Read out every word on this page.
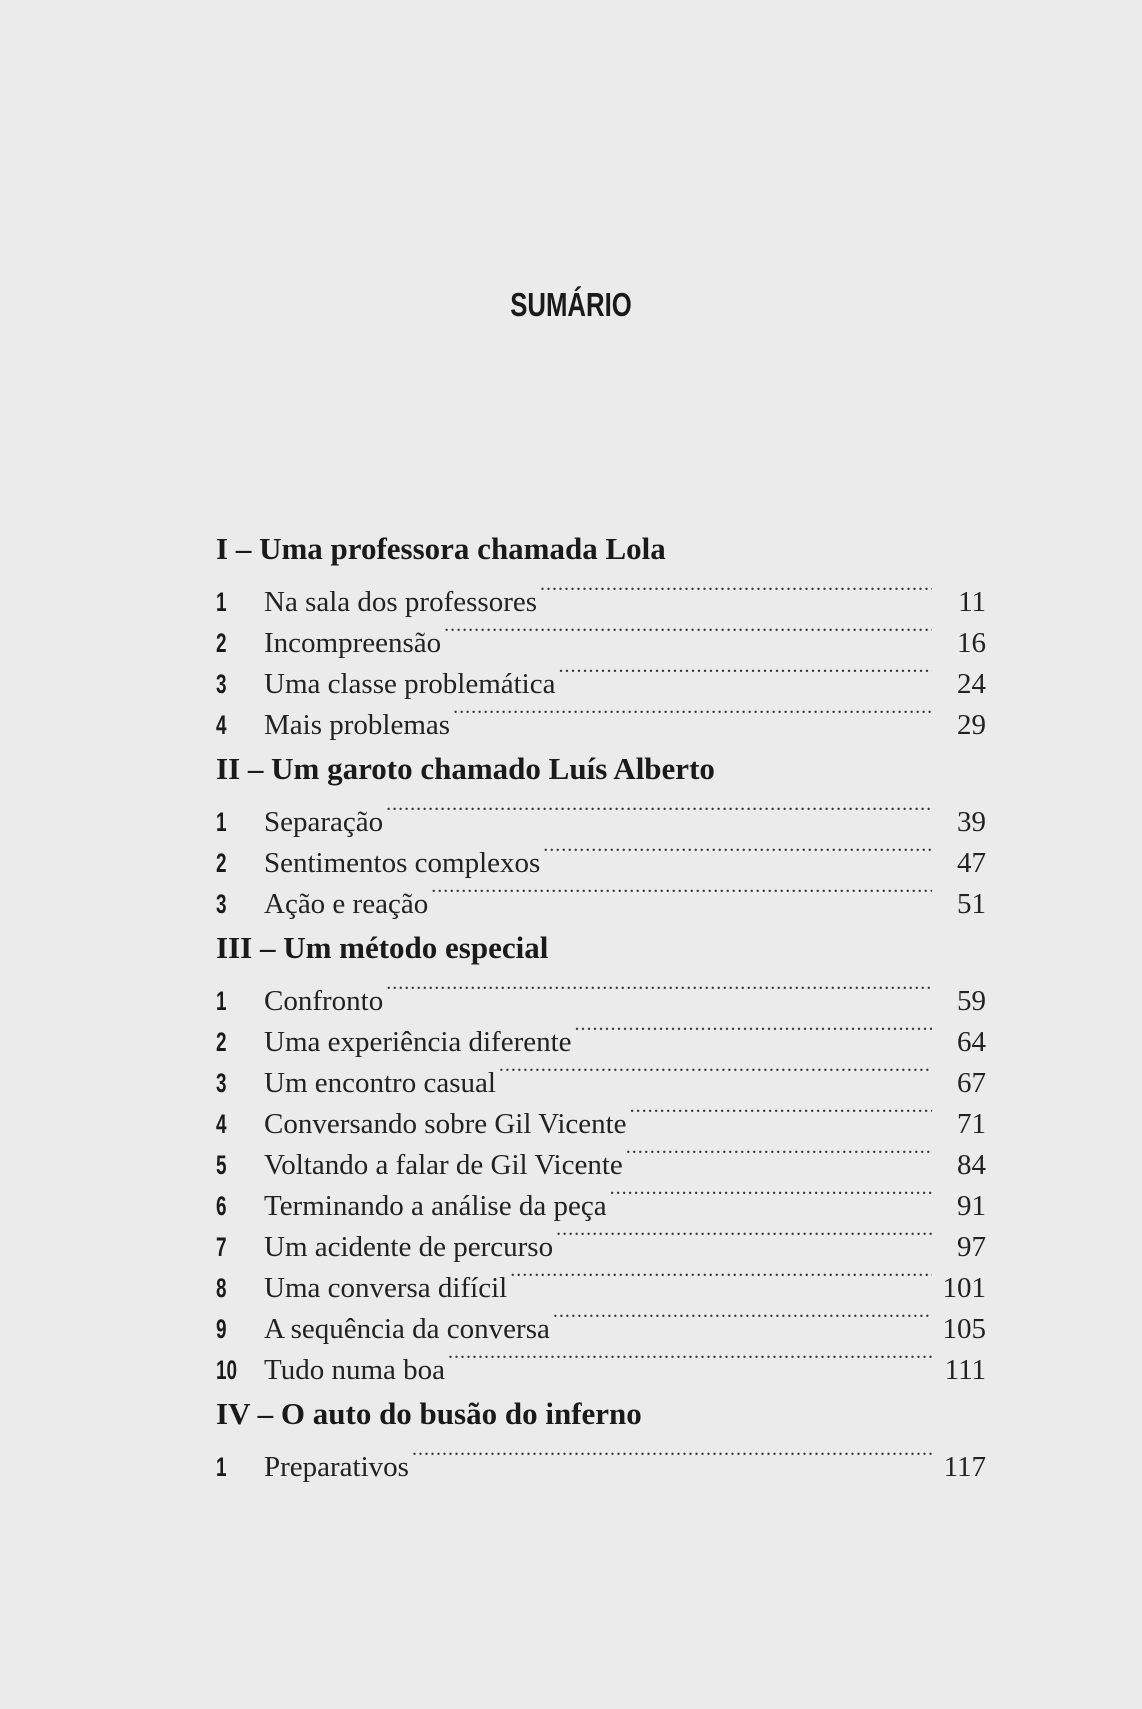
SUMÁRIO
I – Uma professora chamada Lola
1	Na sala dos professores .....	11
2	Incompreensão .....	16
3	Uma classe problemática .....	24
4	Mais problemas .....	29
II – Um garoto chamado Luís Alberto
1	Separação .....	39
2	Sentimentos complexos .....	47
3	Ação e reação .....	51
III – Um método especial
1	Confronto .....	59
2	Uma experiência diferente .....	64
3	Um encontro casual .....	67
4	Conversando sobre Gil Vicente .....	71
5	Voltando a falar de Gil Vicente .....	84
6	Terminando a análise da peça .....	91
7	Um acidente de percurso .....	97
8	Uma conversa difícil .....	101
9	A sequência da conversa .....	105
10 Tudo numa boa .....	111
IV – O auto do busão do inferno
1	Preparativos .....	117
